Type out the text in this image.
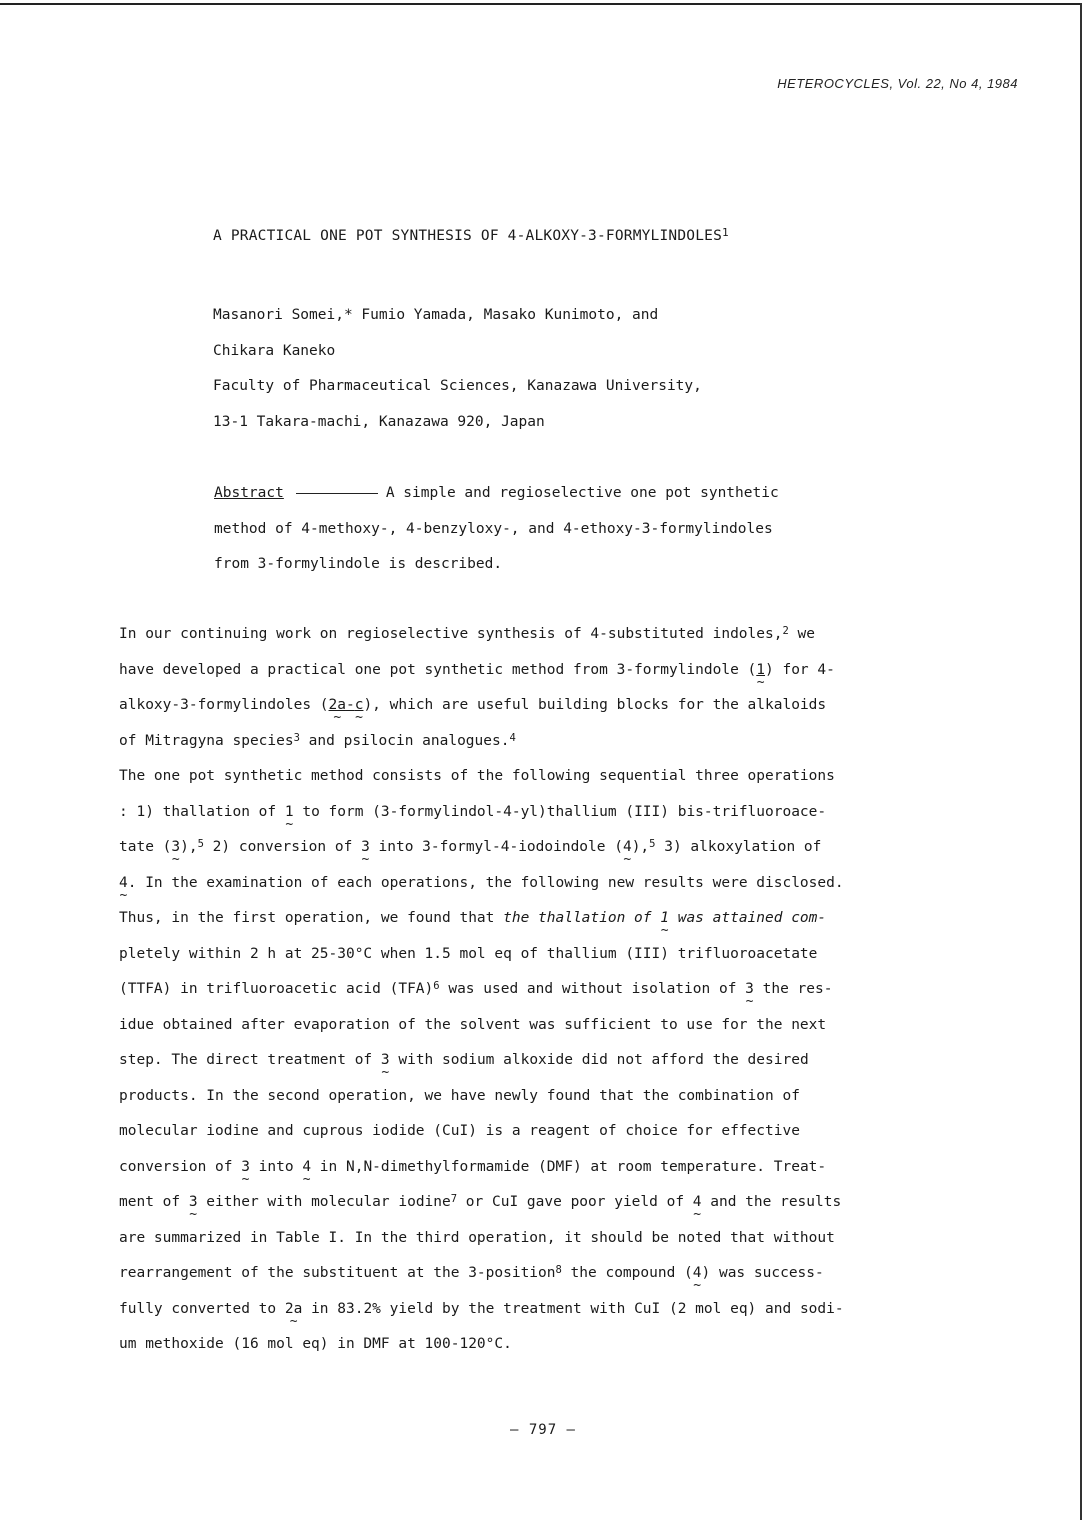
HETEROCYCLES, Vol. 22, No 4, 1984
A PRACTICAL ONE POT SYNTHESIS OF 4-ALKOXY-3-FORMYLINDOLES$^1$
Masanori Somei,* Fumio Yamada, Masako Kunimoto, and
Chikara Kaneko
Faculty of Pharmaceutical Sciences, Kanazawa University,
13-1 Takara-machi, Kanazawa 920, Japan
Abstract	A simple and regioselective one pot synthetic
method of 4-methoxy-, 4-benzyloxy-, and 4-ethoxy-3-formylindoles
from 3-formylindole is described.
In our continuing work on regioselective synthesis of 4-substituted indoles,$^2$ we
have developed a practical one pot synthetic method from 3-formylindole (1 ~) for 4-
alkoxy-3-formylindoles (2a ~-c ~), which are useful building blocks for the alkaloids
of Mitragyna species$^3$ and psilocin analogues.$^4$
The one pot synthetic method consists of the following sequential three operations
: 1) thallation of 1 ~ to form (3-formylindol-4-yl)thallium (III) bis-trifluoroace-
tate (3 ~),$^5$ 2) conversion of 3 ~ into 3-formyl-4-iodoindole (4 ~),$^5$ 3) alkoxylation of
4 ~. In the examination of each operations, the following new results were disclosed.
Thus, in the first operation, we found that the thallation of 1 ~ was attained com-
pletely within 2 h at 25-30°C when 1.5 mol eq of thallium (III) trifluoroacetate
(TTFA) in trifluoroacetic acid (TFA)$^6$ was used and without isolation of 3 ~ the res-
idue obtained after evaporation of the solvent was sufficient to use for the next
step. The direct treatment of 3 ~ with sodium alkoxide did not afford the desired
products. In the second operation, we have newly found that the combination of
molecular iodine and cuprous iodide (CuI) is a reagent of choice for effective
conversion of 3 ~ into 4 ~ in N,N-dimethylformamide (DMF) at room temperature. Treat-
ment of 3 ~ either with molecular iodine$^7$ or CuI gave poor yield of 4 ~ and the results
are summarized in Table I. In the third operation, it should be noted that without
rearrangement of the substituent at the 3-position$^8$ the compound (4 ~) was success-
fully converted to 2a ~ in 83.2% yield by the treatment with CuI (2 mol eq) and sodi-
um methoxide (16 mol eq) in DMF at 100-120°C.
— 797 —
